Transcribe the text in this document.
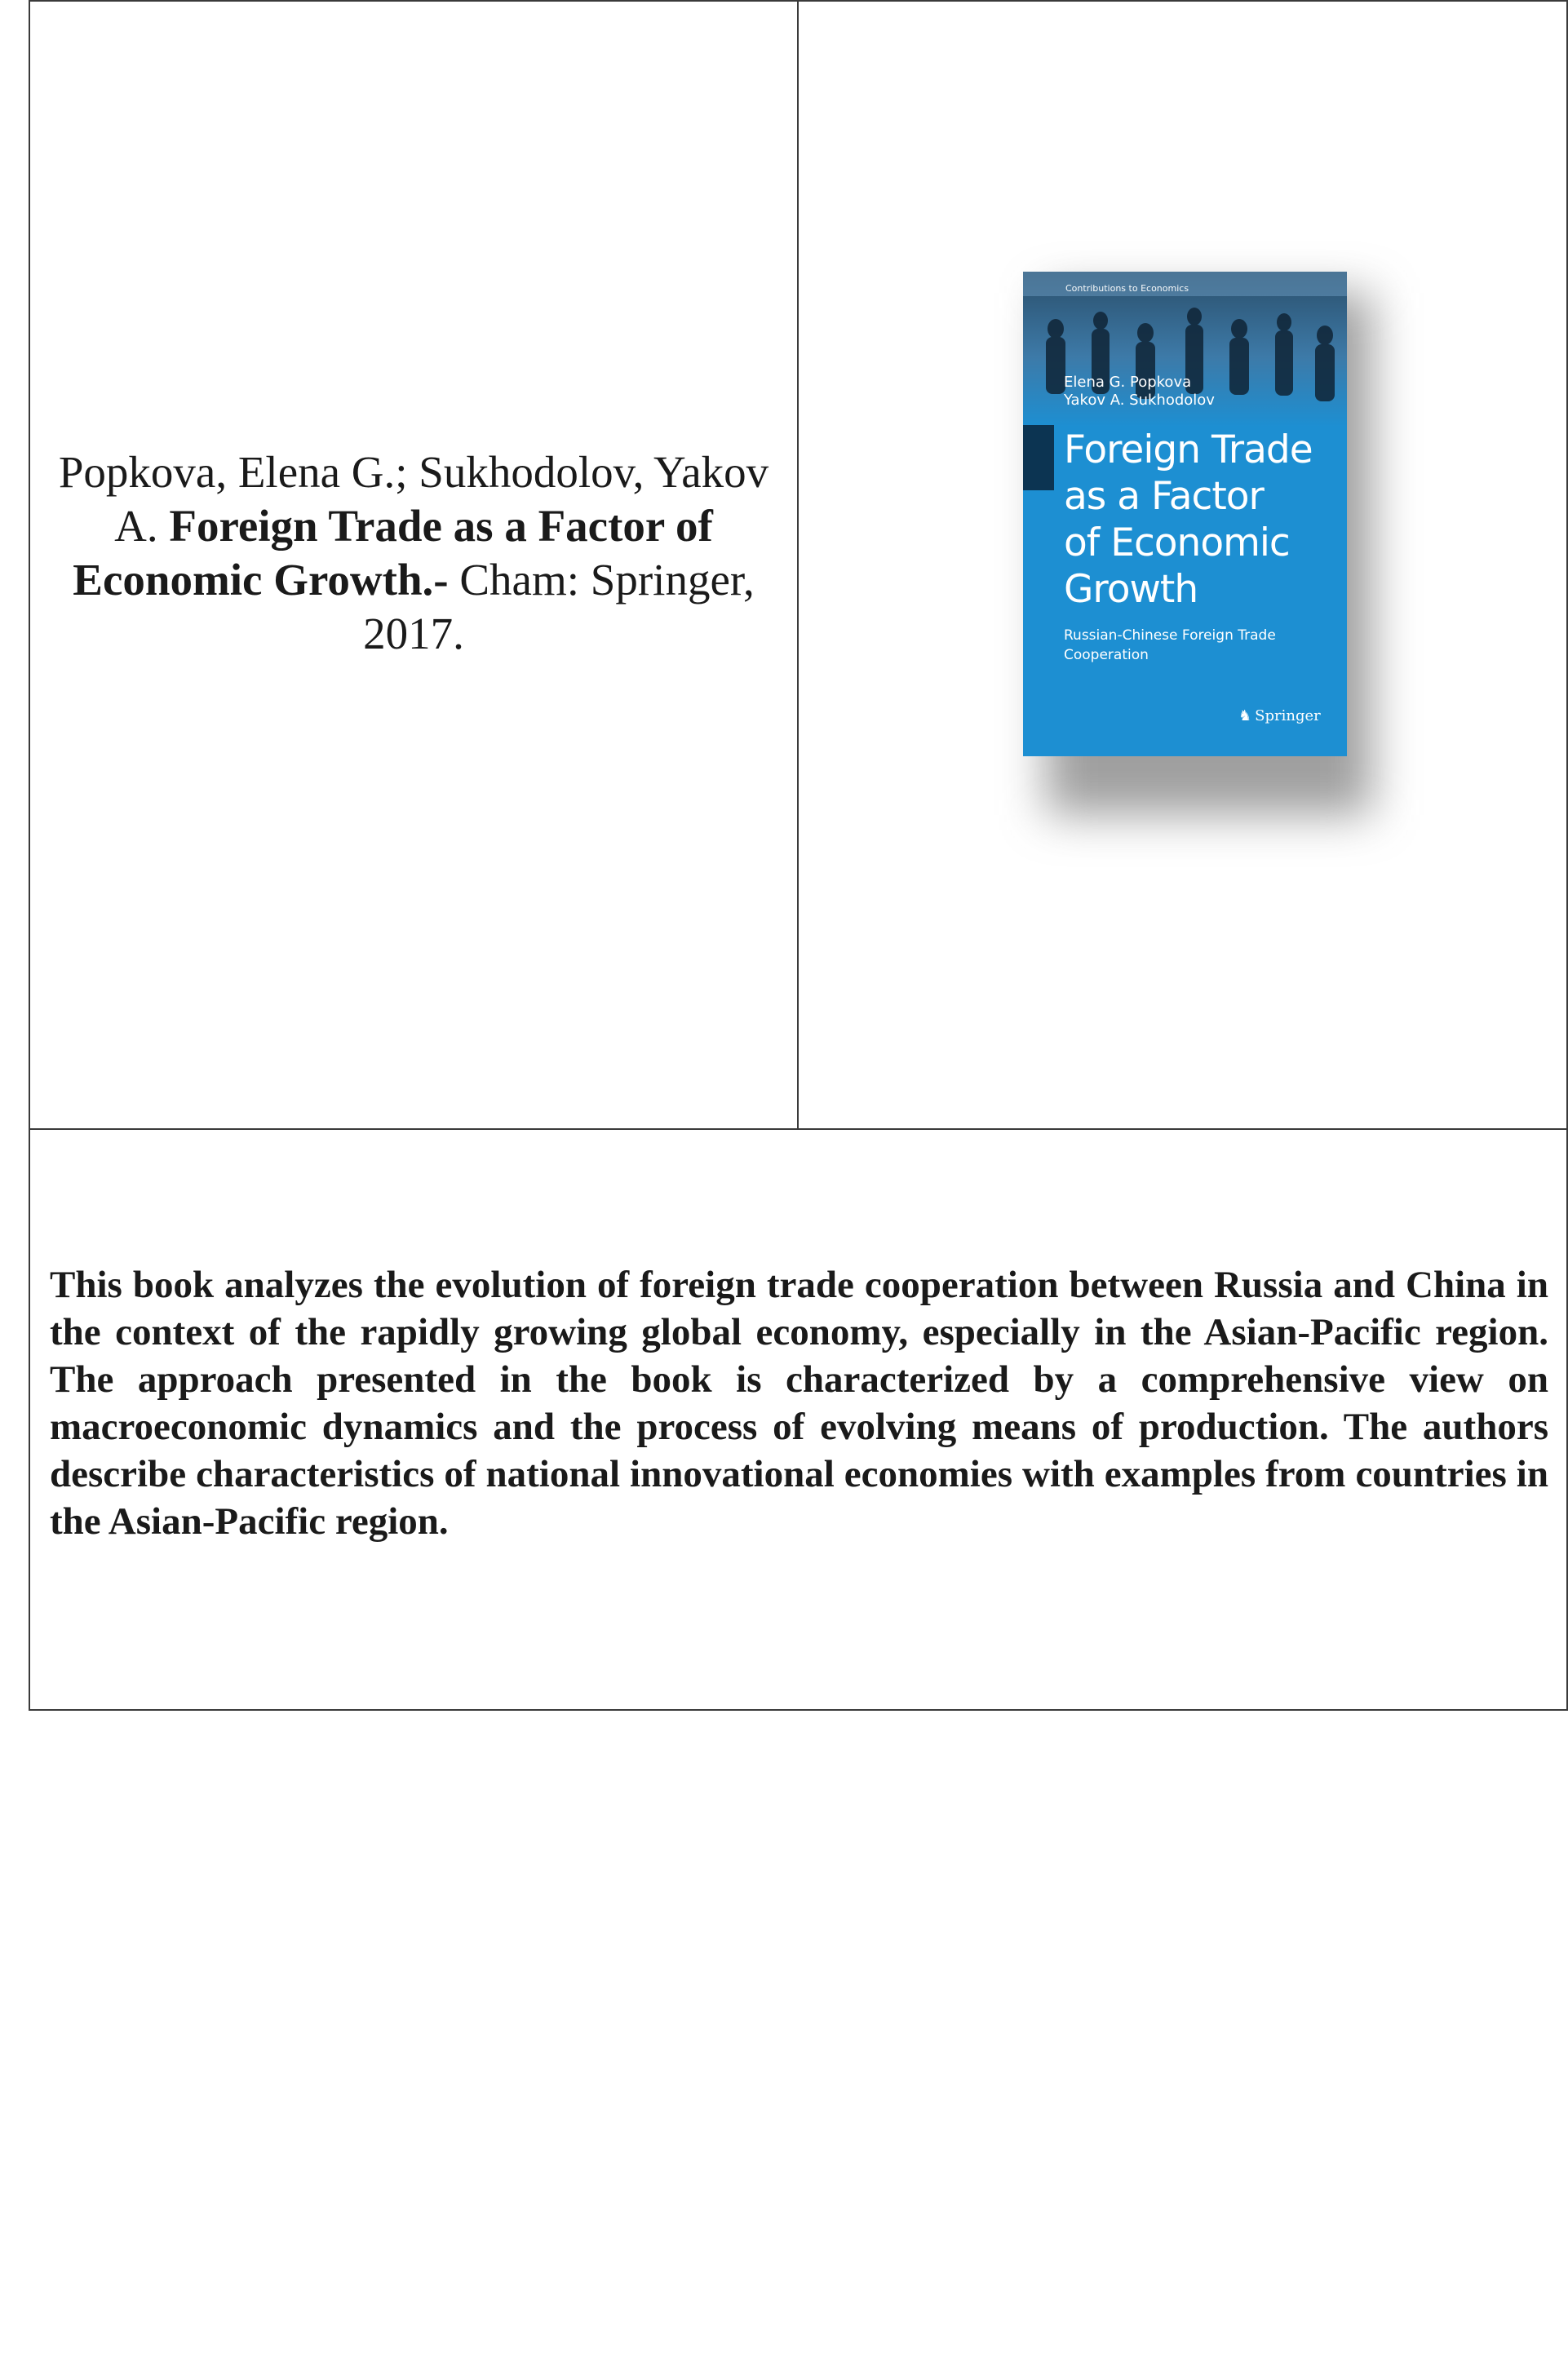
Popkova, Elena G.; Sukhodolov, Yakov A. Foreign Trade as a Factor of Economic Growth.- Cham: Springer, 2017.
Contributions to Economics
Elena G. Popkova
Yakov A. Sukhodolov
Foreign Trade
as a Factor
of Economic
Growth
Russian-Chinese Foreign Trade
Cooperation
♞ Springer
This book analyzes the evolution of foreign trade cooperation between Russia and China in the context of the rapidly growing global economy, especially in the Asian-Pacific region. The approach presented in the book is characterized by a comprehensive view on macroeconomic dynamics and the process of evolving means of production. The authors describe characteristics of national innovational economies with examples from countries in the Asian-Pacific region.
